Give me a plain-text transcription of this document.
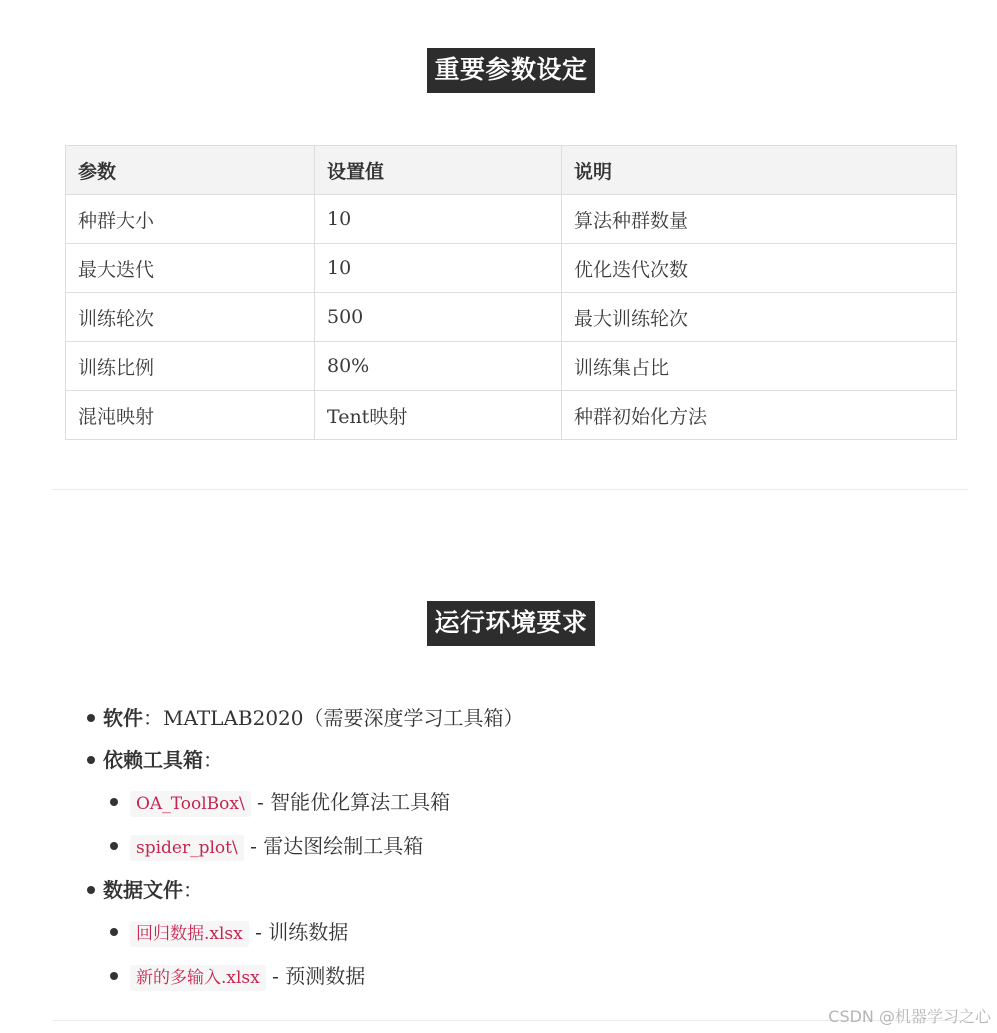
重要参数设定
参数	设置值	说明
种群大小	10	算法种群数量
最大迭代	10	优化迭代次数
训练轮次	500	最大训练轮次
训练比例	80%	训练集占比
混沌映射	Tent映射	种群初始化方法
运行环境要求
软件：MATLAB2020（需要深度学习工具箱）
依赖工具箱：
OA_ToolBox\ - 智能优化算法工具箱
spider_plot\ - 雷达图绘制工具箱
数据文件：
回归数据.xlsx - 训练数据
新的多输入.xlsx - 预测数据
CSDN @机器学习之心
